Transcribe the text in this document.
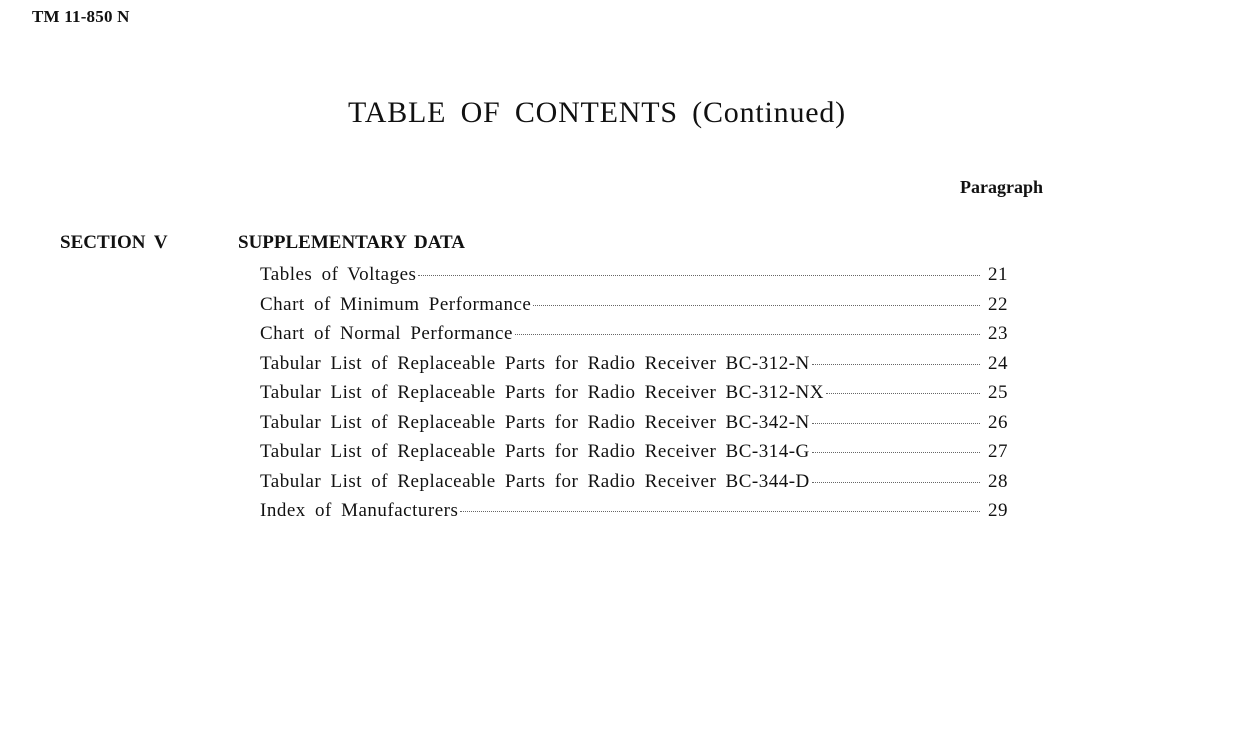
TM 11-850 N
TABLE OF CONTENTS (Continued)
Paragraph
SECTION V	SUPPLEMENTARY DATA
Tables of Voltages	21
Chart of Minimum Performance	22
Chart of Normal Performance	23
Tabular List of Replaceable Parts for Radio Receiver BC-312-N	24
Tabular List of Replaceable Parts for Radio Receiver BC-312-NX	25
Tabular List of Replaceable Parts for Radio Receiver BC-342-N	26
Tabular List of Replaceable Parts for Radio Receiver BC-314-G	27
Tabular List of Replaceable Parts for Radio Receiver BC-344-D	28
Index of Manufacturers	29
